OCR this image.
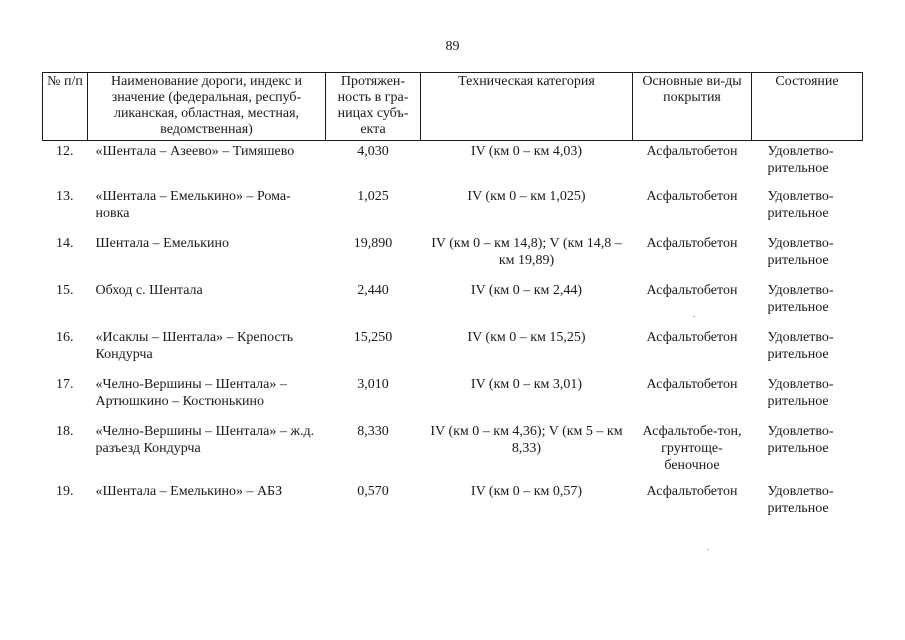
89
№ п/п	Наименование дороги, индекс и значение (федеральная, респуб-ликанская, областная, местная, ведомственная)	Протяжен-ность в гра-ницах субъ-екта	Техническая категория	Основные ви-ды покрытия	Состояние
12.	«Шентала – Азеево» – Тимяшево	4,030	IV (км 0 – км 4,03)	Асфальтобетон	Удовлетво-рительное
13.	«Шентала – Емелькино» – Рома-новка	1,025	IV (км 0 – км 1,025)	Асфальтобетон	Удовлетво-рительное
14.	Шентала – Емелькино	19,890	IV (км 0 – км 14,8); V (км 14,8 – км 19,89)	Асфальтобетон	Удовлетво-рительное
15.	Обход с. Шентала	2,440	IV (км 0 – км 2,44)	Асфальтобетон	Удовлетво-рительное
16.	«Исаклы – Шентала» – Крепость Кондурча	15,250	IV (км 0 – км 15,25)	Асфальтобетон	Удовлетво-рительное
17.	«Челно-Вершины – Шентала» – Артюшкино – Костюнькино	3,010	IV (км 0 – км 3,01)	Асфальтобетон	Удовлетво-рительное
18.	«Челно-Вершины – Шентала» – ж.д. разъезд Кондурча	8,330	IV (км 0 – км 4,36); V (км 5 – км 8,33)	Асфальтобе-тон, грунтоще-беночное	Удовлетво-рительное
19.	«Шентала – Емелькино» – АБЗ	0,570	IV (км 0 – км 0,57)	Асфальтобетон	Удовлетво-рительное
